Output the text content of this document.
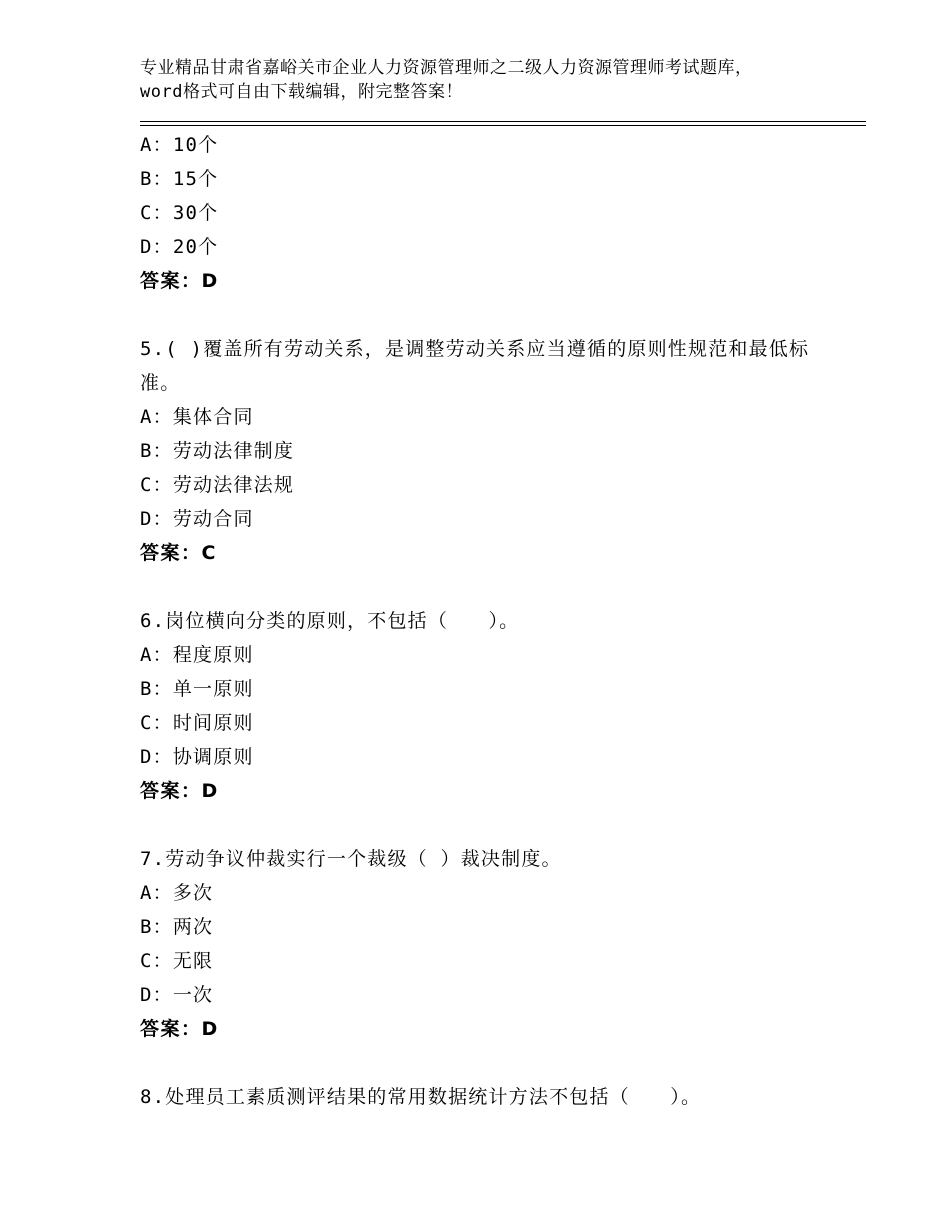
专业精品甘肃省嘉峪关市企业人力资源管理师之二级人力资源管理师考试题库，word格式可自由下载编辑，附完整答案！
A：10个
B：15个
C：30个
D：20个
答案：D
5.( )覆盖所有劳动关系，是调整劳动关系应当遵循的原则性规范和最低标准。
A：集体合同
B：劳动法律制度
C：劳动法律法规
D：劳动合同
答案：C
6.岗位横向分类的原则，不包括（　　）。
A：程度原则
B：单一原则
C：时间原则
D：协调原则
答案：D
7.劳动争议仲裁实行一个裁级（ ）裁决制度。
A：多次
B：两次
C：无限
D：一次
答案：D
8.处理员工素质测评结果的常用数据统计方法不包括（　　）。
